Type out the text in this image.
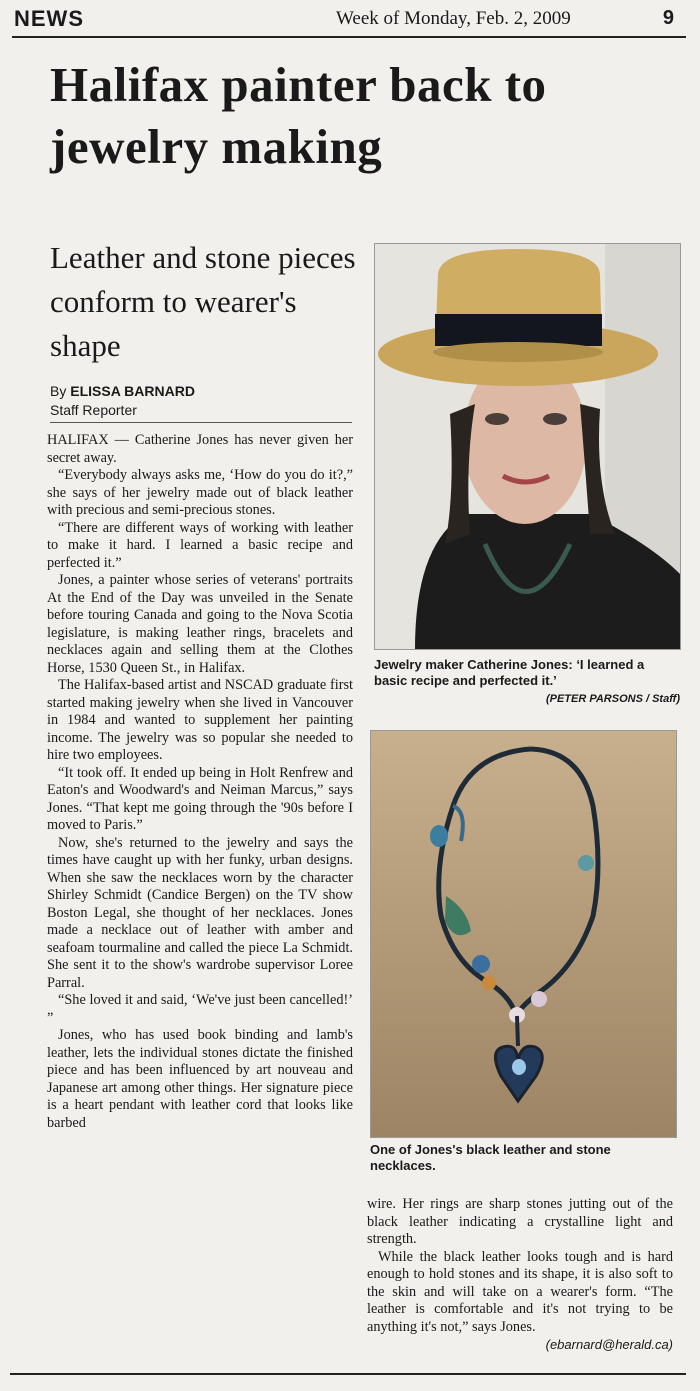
NEWS	Week of Monday, Feb. 2, 2009	9
Halifax painter back to jewelry making
Leather and stone pieces conform to wearer's shape
By ELISSA BARNARD
Staff Reporter

HALIFAX — Catherine Jones has never given her secret away.

“Everybody always asks me, ‘How do you do it?,” she says of her jewelry made out of black leather with precious and semi-precious stones.

“There are different ways of working with leather to make it hard. I learned a basic recipe and perfected it.”

Jones, a painter whose series of veterans' portraits At the End of the Day was unveiled in the Senate before touring Canada and going to the Nova Scotia legislature, is making leather rings, bracelets and necklaces again and selling them at the Clothes Horse, 1530 Queen St., in Halifax.

The Halifax-based artist and NSCAD graduate first started making jewelry when she lived in Vancouver in 1984 and wanted to supplement her painting income. The jewelry was so popular she needed to hire two employees.

“It took off. It ended up being in Holt Renfrew and Eaton's and Woodward's and Neiman Marcus,” says Jones. “That kept me going through the '90s before I moved to Paris.”

Now, she's returned to the jewelry and says the times have caught up with her funky, urban designs. When she saw the necklaces worn by the character Shirley Schmidt (Candice Bergen) on the TV show Boston Legal, she thought of her necklaces. Jones made a necklace out of leather with amber and seafoam tourmaline and called the piece La Schmidt. She sent it to the show's wardrobe supervisor Loree Parral.

“She loved it and said, ‘We've just been cancelled!’ ”

Jones, who has used book binding and lamb's leather, lets the individual stones dictate the finished piece and has been influenced by art nouveau and Japanese art among other things. Her signature piece is a heart pendant with leather cord that looks like barbed

Jewelry maker Catherine Jones: ‘I learned a basic recipe and perfected it.’
(PETER PARSONS / Staff)
One of Jones's black leather and stone necklaces.

wire. Her rings are sharp stones jutting out of the black leather indicating a crystalline light and strength.

While the black leather looks tough and is hard enough to hold stones and its shape, it is also soft to the skin and will take on a wearer's form. “The leather is comfortable and it's not trying to be anything it's not,” says Jones.

(ebarnard@herald.ca)
